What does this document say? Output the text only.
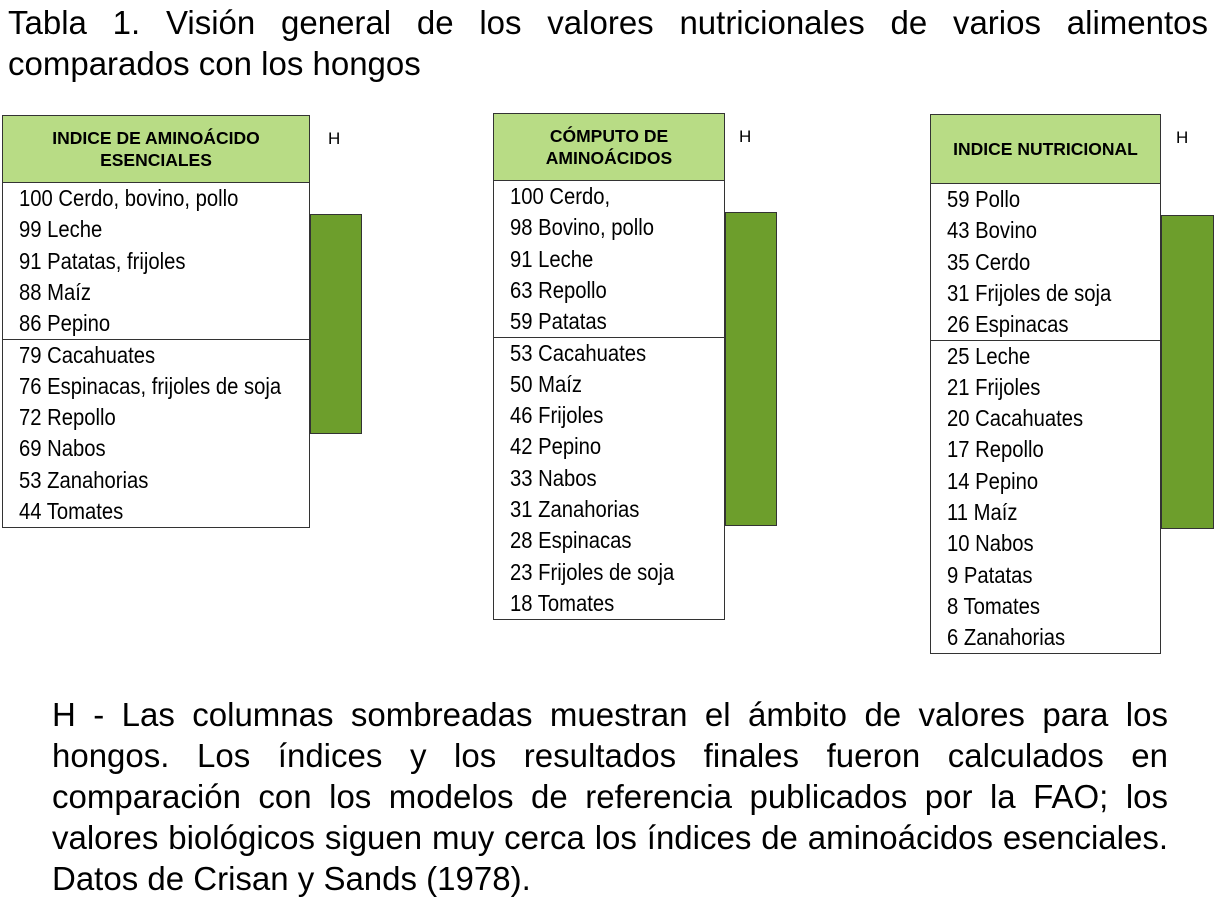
Tabla 1. Visión general de los valores nutricionales de varios alimentos comparados con los hongos

INDICE DE AMINOÁCIDO ESENCIALES
H
100 Cerdo, bovino, pollo
99 Leche
91 Patatas, frijoles
88 Maíz
86 Pepino
79 Cacahuates
76 Espinacas, frijoles de soja
72 Repollo
69 Nabos
53 Zanahorias
44 Tomates
CÓMPUTO DE AMINOÁCIDOS
H
100 Cerdo,
98 Bovino, pollo
91 Leche
63 Repollo
59 Patatas
53 Cacahuates
50 Maíz
46 Frijoles
42 Pepino
33 Nabos
31 Zanahorias
28 Espinacas
23 Frijoles de soja
18 Tomates
INDICE NUTRICIONAL
H
59 Pollo
43 Bovino
35 Cerdo
31 Frijoles de soja
26 Espinacas
25 Leche
21 Frijoles
20 Cacahuates
17 Repollo
14 Pepino
11 Maíz
10 Nabos
9 Patatas
8 Tomates
6 Zanahorias

H - Las columnas sombreadas muestran el ámbito de valores para los hongos. Los índices y los resultados finales fueron calculados en comparación con los modelos de referencia publicados por la FAO; los valores biológicos siguen muy cerca los índices de aminoácidos esenciales. Datos de Crisan y Sands (1978).
